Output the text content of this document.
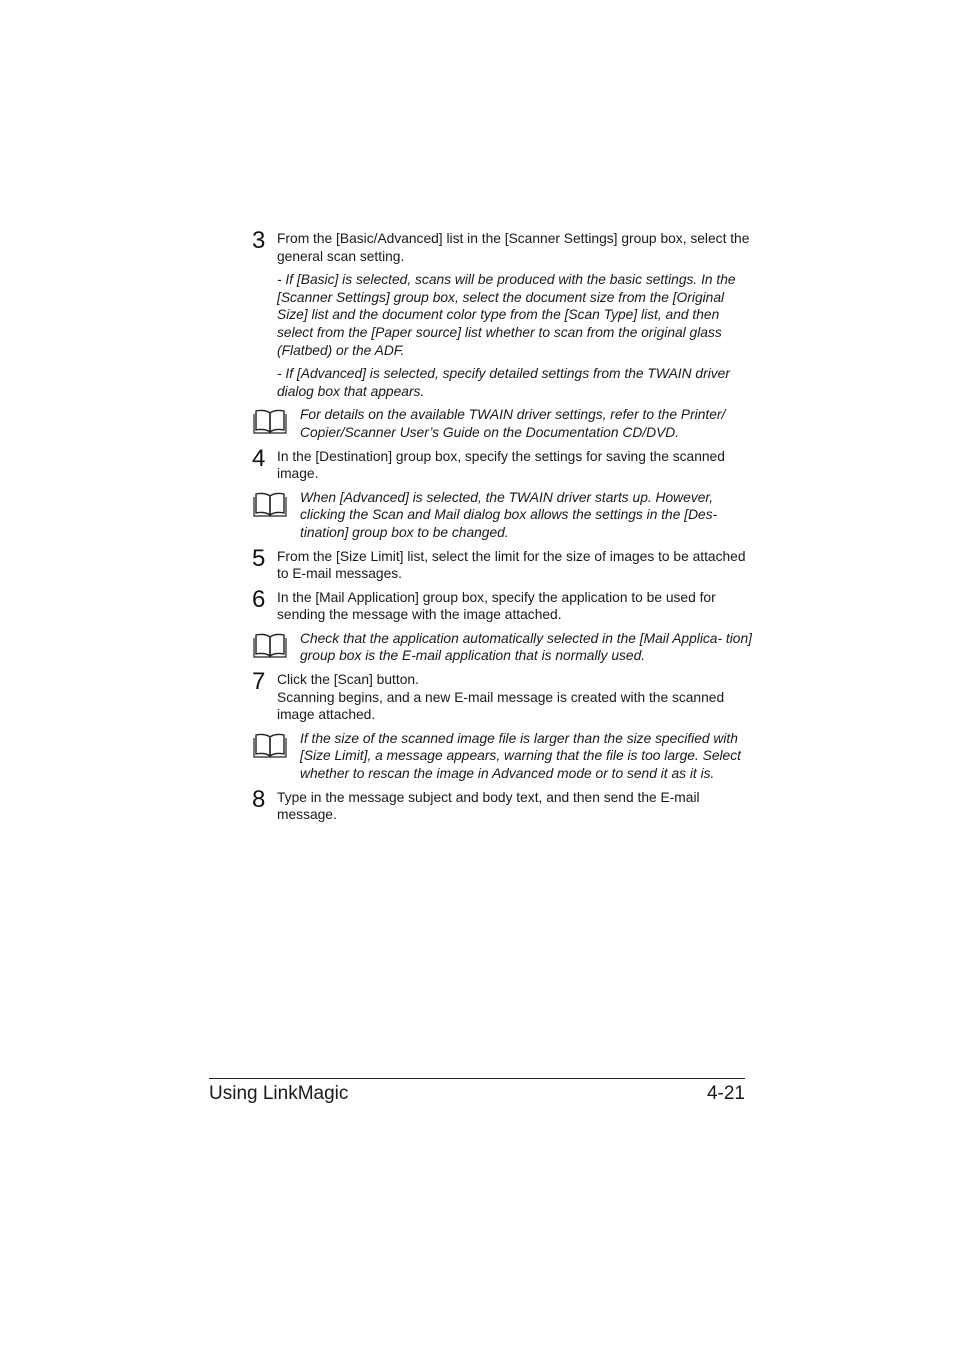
3 From the [Basic/Advanced] list in the [Scanner Settings] group box, select the general scan setting.

- If [Basic] is selected, scans will be produced with the basic settings. In the [Scanner Settings] group box, select the document size from the [Original Size] list and the document color type from the [Scan Type] list, and then select from the [Paper source] list whether to scan from the original glass (Flatbed) or the ADF.

- If [Advanced] is selected, specify detailed settings from the TWAIN driver dialog box that appears.

For details on the available TWAIN driver settings, refer to the Printer/ Copier/Scanner User’s Guide on the Documentation CD/DVD.

4 In the [Destination] group box, specify the settings for saving the scanned image.

When [Advanced] is selected, the TWAIN driver starts up. However, clicking the Scan and Mail dialog box allows the settings in the [Des- tination] group box to be changed.

5 From the [Size Limit] list, select the limit for the size of images to be attached to E-mail messages.

6 In the [Mail Application] group box, specify the application to be used for sending the message with the image attached.

Check that the application automatically selected in the [Mail Applica- tion] group box is the E-mail application that is normally used.

7 Click the [Scan] button.

Scanning begins, and a new E-mail message is created with the scanned image attached.

If the size of the scanned image file is larger than the size specified with [Size Limit], a message appears, warning that the file is too large. Select whether to rescan the image in Advanced mode or to send it as it is.

8 Type in the message subject and body text, and then send the E-mail message.

Using LinkMagic	4-21
